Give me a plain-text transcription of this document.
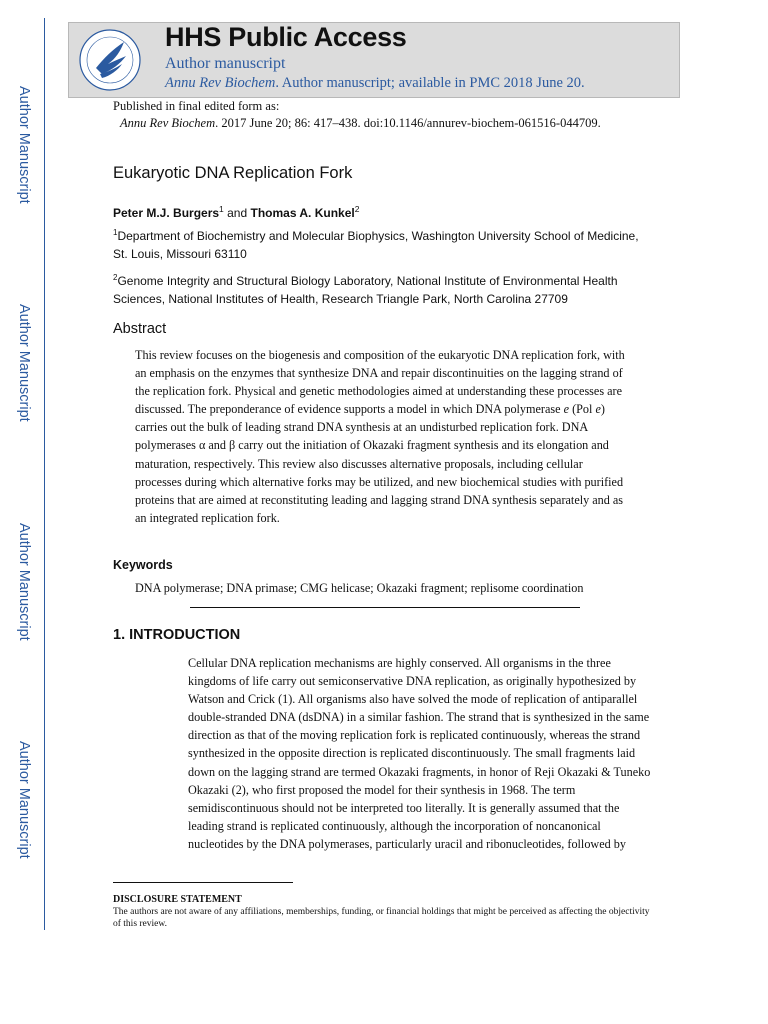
Author Manuscript
Author Manuscript
Author Manuscript
Author Manuscript
HHS Public Access
Author manuscript
Annu Rev Biochem. Author manuscript; available in PMC 2018 June 20.
Published in final edited form as:
Annu Rev Biochem. 2017 June 20; 86: 417–438. doi:10.1146/annurev-biochem-061516-044709.
Eukaryotic DNA Replication Fork
Peter M.J. Burgers$^1$ and Thomas A. Kunkel$^2$
$^1$Department of Biochemistry and Molecular Biophysics, Washington University School of Medicine, St. Louis, Missouri 63110
$^2$Genome Integrity and Structural Biology Laboratory, National Institute of Environmental Health Sciences, National Institutes of Health, Research Triangle Park, North Carolina 27709
Abstract
This review focuses on the biogenesis and composition of the eukaryotic DNA replication fork, with an emphasis on the enzymes that synthesize DNA and repair discontinuities on the lagging strand of the replication fork. Physical and genetic methodologies aimed at understanding these processes are discussed. The preponderance of evidence supports a model in which DNA polymerase e (Pol e) carries out the bulk of leading strand DNA synthesis at an undisturbed replication fork. DNA polymerases α and β carry out the initiation of Okazaki fragment synthesis and its elongation and maturation, respectively. This review also discusses alternative proposals, including cellular processes during which alternative forks may be utilized, and new biochemical studies with purified proteins that are aimed at reconstituting leading and lagging strand DNA synthesis separately and as an integrated replication fork.
Keywords
DNA polymerase; DNA primase; CMG helicase; Okazaki fragment; replisome coordination
1. INTRODUCTION
Cellular DNA replication mechanisms are highly conserved. All organisms in the three kingdoms of life carry out semiconservative DNA replication, as originally hypothesized by Watson and Crick (1). All organisms also have solved the mode of replication of antiparallel double-stranded DNA (dsDNA) in a similar fashion. The strand that is synthesized in the same direction as that of the moving replication fork is replicated continuously, whereas the strand synthesized in the opposite direction is replicated discontinuously. The small fragments laid down on the lagging strand are termed Okazaki fragments, in honor of Reji Okazaki & Tuneko Okazaki (2), who first proposed the model for their synthesis in 1968. The term semidiscontinuous should not be interpreted too literally. It is generally assumed that the leading strand is replicated continuously, although the incorporation of noncanonical nucleotides by the DNA polymerases, particularly uracil and ribonucleotides, followed by
DISCLOSURE STATEMENT
The authors are not aware of any affiliations, memberships, funding, or financial holdings that might be perceived as affecting the objectivity of this review.
